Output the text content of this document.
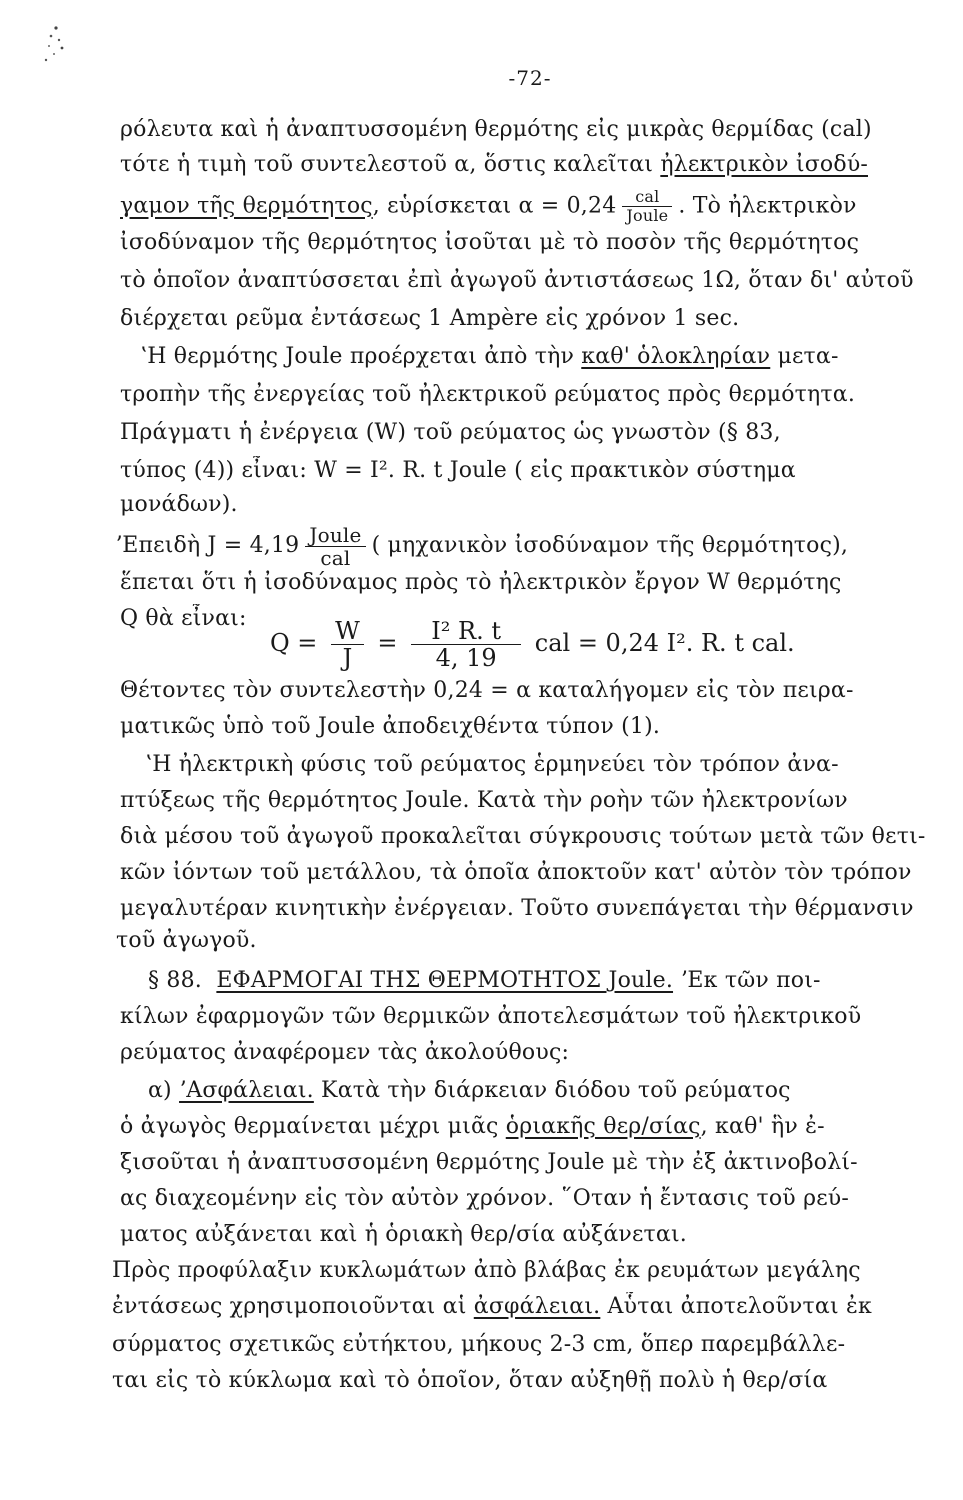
-72-
ρόλευτα καὶ ἡ ἀναπτυσσομένη θερμότης εἰς μικρὰς θερμίδας (cal)
τότε ἡ τιμὴ τοῦ συντελεστοῦ α, ὅστις καλεῖται ἠλεκτρικὸν ἰσοδύ-
γαμον τῆς θερμότητος, εὑρίσκεται $\alpha = 0,24 \frac{\text{cal}}{\text{Joule}}$ . Τὸ ἠλεκτρικὸν
ἰσοδύναμον τῆς θερμότητος ἰσοῦται μὲ τὸ ποσὸν τῆς θερμότητος
τὸ ὁποῖον ἀναπτύσσεται ἐπὶ ἀγωγοῦ ἀντιστάσεως 1Ω, ὅταν δι' αὐτοῦ
διέρχεται ρεῦμα ἐντάσεως 1 Ampère εἰς χρόνον 1 sec.
ʽΗ θερμότης Joule προέρχεται ἀπὸ τὴν καθ' ὁλοκληρίαν μετα-
τροπὴν τῆς ἐνεργείας τοῦ ἠλεκτρικοῦ ρεύματος πρὸς θερμότητα.
Πράγματι ἡ ἐνέργεια (W) τοῦ ρεύματος ὡς γνωστὸν (§ 83,
τύπος (4)) εἶναι: W = I². R. t Joule ( εἰς πρακτικὸν σύστημα
μονάδων).
ʼΕπειδὴ $J = 4,19 \frac{\text{Joule}}{\text{cal}}$ ( μηχανικὸν ἰσοδύναμον τῆς θερμότητος),
ἕπεται ὅτι ἡ ἰσοδύναμος πρὸς τὸ ἠλεκτρικὸν ἔργον W θερμότης
Q θὰ εἶναι:
$Q = \frac{W}{J} = \frac{\text{I² R. t}}{4, 19}$ cal = 0,24 I². R. t cal.
Θέτοντες τὸν συντελεστὴν 0,24 = α καταλήγομεν εἰς τὸν πειρα-
ματικῶς ὑπὸ τοῦ Joule ἀποδειχθέντα τύπον (1).
ʽΗ ἠλεκτρικὴ φύσις τοῦ ρεύματος ἑρμηνεύει τὸν τρόπον ἀνα-
πτύξεως τῆς θερμότητος Joule. Κατὰ τὴν ροὴν τῶν ἠλεκτρονίων
διὰ μέσου τοῦ ἀγωγοῦ προκαλεῖται σύγκρουσις τούτων μετὰ τῶν θετι-
κῶν ἰόντων τοῦ μετάλλου, τὰ ὁποῖα ἀποκτοῦν κατ' αὐτὸν τὸν τρόπον
μεγαλυτέραν κινητικὴν ἐνέργειαν. Τοῦτο συνεπάγεται τὴν θέρμανσιν
τοῦ ἀγωγοῦ.
§ 88. ΕΦΑΡΜΟΓΑΙ ΤΗΣ ΘΕΡΜΟΤΗΤΟΣ Joule. ʼΕκ τῶν ποι-
κίλων ἐφαρμογῶν τῶν θερμικῶν ἀποτελεσμάτων τοῦ ἠλεκτρικοῦ
ρεύματος ἀναφέρομεν τὰς ἀκολούθους:
α) ʼΑσφάλειαι. Κατὰ τὴν διάρκειαν διόδου τοῦ ρεύματος
ὁ ἀγωγὸς θερμαίνεται μέχρι μιᾶς ὁριακῆς θερ/σίας, καθ' ἣν ἐ-
ξισοῦται ἡ ἀναπτυσσομένη θερμότης Joule μὲ τὴν ἐξ ἀκτινοβολί-
ας διαχεομένην εἰς τὸν αὐτὸν χρόνον. ῞Οταν ἡ ἔντασις τοῦ ρεύ-
ματος αὐξάνεται καὶ ἡ ὁριακὴ θερ/σία αὐξάνεται.
Πρὸς προφύλαξιν κυκλωμάτων ἀπὸ βλάβας ἐκ ρευμάτων μεγάλης
ἐντάσεως χρησιμοποιοῦνται αἱ ἀσφάλειαι. Αὗται ἀποτελοῦνται ἐκ
σύρματος σχετικῶς εὐτήκτου, μήκους 2-3 cm, ὅπερ παρεμβάλλε-
ται εἰς τὸ κύκλωμα καὶ τὸ ὁποῖον, ὅταν αὐξηθῇ πολὺ ἡ θερ/σία
